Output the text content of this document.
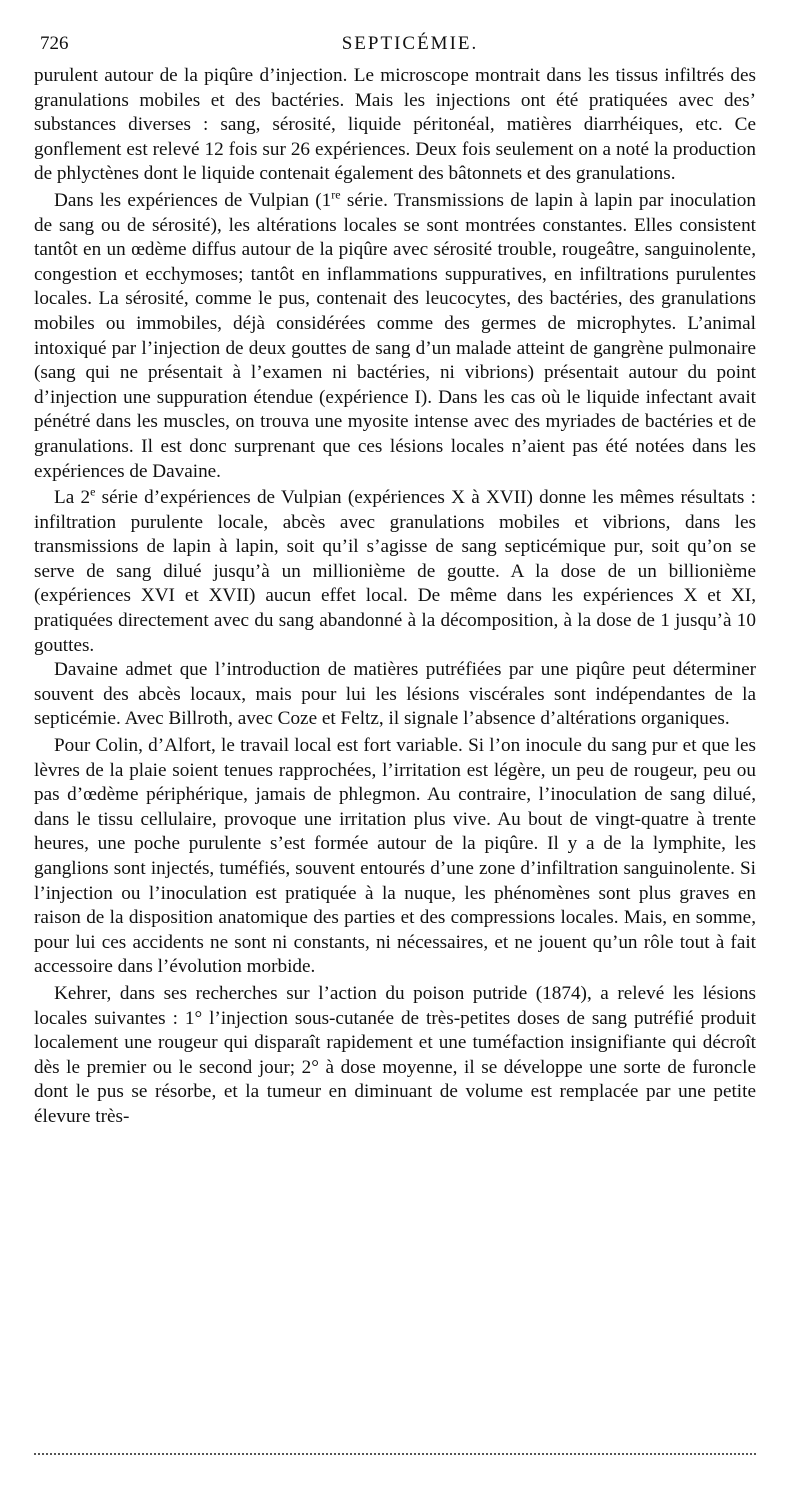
726	SEPTICÉMIE.

purulent autour de la piqûre d’injection. Le microscope montrait dans les tissus infiltrés des granulations mobiles et des bactéries. Mais les injections ont été pratiquées avec des’ substances diverses : sang, sérosité, liquide péritonéal, matières diarrhéiques, etc. Ce gonflement est relevé 12 fois sur 26 expériences. Deux fois seulement on a noté la production de phlyctènes dont le liquide contenait également des bâtonnets et des granulations.

Dans les expériences de Vulpian (1re série. Transmissions de lapin à lapin par inoculation de sang ou de sérosité), les altérations locales se sont montrées constantes. Elles consistent tantôt en un œdème diffus autour de la piqûre avec sérosité trouble, rougeâtre, sanguinolente, congestion et ecchymoses; tantôt en inflammations suppuratives, en infiltrations purulentes locales. La sérosité, comme le pus, contenait des leucocytes, des bactéries, des granulations mobiles ou immobiles, déjà considérées comme des germes de microphytes. L’animal intoxiqué par l’injection de deux gouttes de sang d’un malade atteint de gangrène pulmonaire (sang qui ne présentait à l’examen ni bactéries, ni vibrions) présentait autour du point d’injection une suppuration étendue (expérience I). Dans les cas où le liquide infectant avait pénétré dans les muscles, on trouva une myosite intense avec des myriades de bactéries et de granulations. Il est donc surprenant que ces lésions locales n’aient pas été notées dans les expériences de Davaine.

La 2e série d’expériences de Vulpian (expériences X à XVII) donne les mêmes résultats : infiltration purulente locale, abcès avec granulations mobiles et vibrions, dans les transmissions de lapin à lapin, soit qu’il s’agisse de sang septicémique pur, soit qu’on se serve de sang dilué jusqu’à un millionième de goutte. A la dose de un billionième (expériences XVI et XVII) aucun effet local. De même dans les expériences X et XI, pratiquées directement avec du sang abandonné à la décomposition, à la dose de 1 jusqu’à 10 gouttes.

Davaine admet que l’introduction de matières putréfiées par une piqûre peut déterminer souvent des abcès locaux, mais pour lui les lésions viscérales sont indépendantes de la septicémie. Avec Billroth, avec Coze et Feltz, il signale l’absence d’altérations organiques.

Pour Colin, d’Alfort, le travail local est fort variable. Si l’on inocule du sang pur et que les lèvres de la plaie soient tenues rapprochées, l’irritation est légère, un peu de rougeur, peu ou pas d’œdème périphérique, jamais de phlegmon. Au contraire, l’inoculation de sang dilué, dans le tissu cellulaire, provoque une irritation plus vive. Au bout de vingt-quatre à trente heures, une poche purulente s’est formée autour de la piqûre. Il y a de la lymphite, les ganglions sont injectés, tuméfiés, souvent entourés d’une zone d’infiltration sanguinolente. Si l’injection ou l’inoculation est pratiquée à la nuque, les phénomènes sont plus graves en raison de la disposition anatomique des parties et des compressions locales. Mais, en somme, pour lui ces accidents ne sont ni constants, ni nécessaires, et ne jouent qu’un rôle tout à fait accessoire dans l’évolution morbide.

Kehrer, dans ses recherches sur l’action du poison putride (1874), a relevé les lésions locales suivantes : 1° l’injection sous-cutanée de très-petites doses de sang putréfié produit localement une rougeur qui disparaît rapidement et une tuméfaction insignifiante qui décroît dès le premier ou le second jour; 2° à dose moyenne, il se développe une sorte de furoncle dont le pus se résorbe, et la tumeur en diminuant de volume est remplacée par une petite élevure très-
